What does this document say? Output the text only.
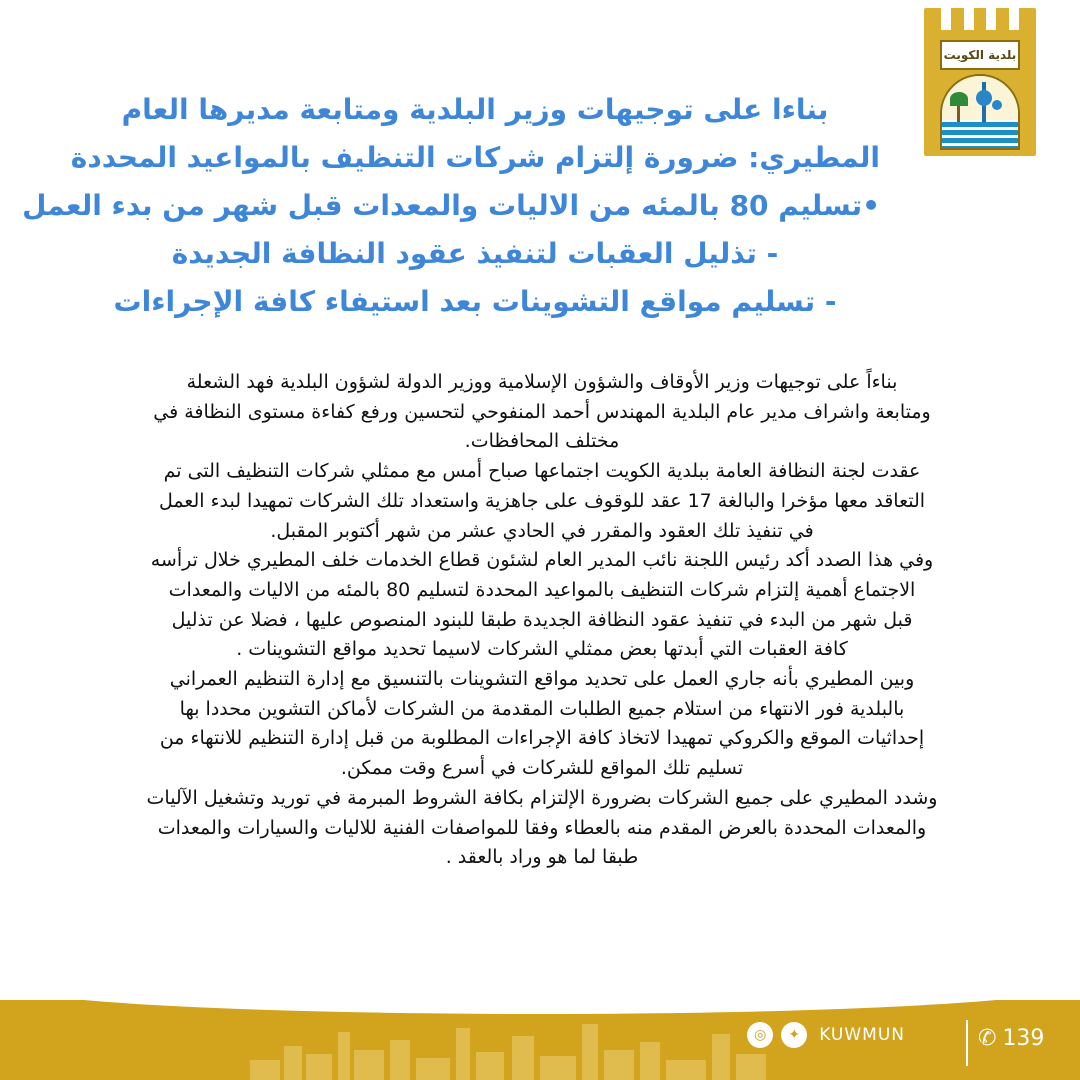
بلدية الكويت
بناءا على توجيهات وزير البلدية ومتابعة مديرها العام
المطيري: ضرورة إلتزام شركات التنظيف بالمواعيد المحددة
•تسليم 80 بالمئه من الاليات والمعدات قبل شهر من بدء العمل
- تذليل العقبات لتنفيذ عقود النظافة الجديدة
- تسليم مواقع التشوينات بعد استيفاء كافة الإجراءات
بناءاً على توجيهات وزير الأوقاف والشؤون الإسلامية ووزير الدولة لشؤون البلدية فهد الشعلة
ومتابعة واشراف مدير عام البلدية المهندس أحمد المنفوحي لتحسين ورفع كفاءة مستوى النظافة في
مختلف المحافظات.
عقدت لجنة النظافة العامة ببلدية الكويت اجتماعها صباح أمس مع ممثلي شركات التنظيف التى تم
التعاقد معها مؤخرا والبالغة 17 عقد للوقوف على جاهزية واستعداد تلك الشركات تمهيدا لبدء العمل
في تنفيذ تلك العقود والمقرر في الحادي عشر من شهر أكتوبر المقبل.
وفي هذا الصدد أكد رئيس اللجنة نائب المدير العام لشئون قطاع الخدمات خلف المطيري خلال ترأسه
الاجتماع أهمية إلتزام شركات التنظيف بالمواعيد المحددة لتسليم 80 بالمئه من الاليات والمعدات
قبل شهر من البدء في تنفيذ عقود النظافة الجديدة طبقا للبنود المنصوص عليها ، فضلا عن تذليل
كافة العقبات التي أبدتها بعض ممثلي الشركات لاسيما تحديد مواقع التشوينات .
وبين المطيري بأنه جاري العمل على تحديد مواقع التشوينات بالتنسيق مع إدارة التنظيم العمراني
بالبلدية فور الانتهاء من استلام جميع الطلبات المقدمة من الشركات لأماكن التشوين محددا بها
إحداثيات الموقع والكروكي تمهيدا لاتخاذ كافة الإجراءات المطلوبة من قبل إدارة التنظيم للانتهاء من
تسليم تلك المواقع للشركات في أسرع وقت ممكن.
وشدد المطيري على جميع الشركات بضرورة الإلتزام بكافة الشروط المبرمة في توريد وتشغيل الآليات
والمعدات المحددة بالعرض المقدم منه بالعطاء وفقا للمواصفات الفنية للاليات والسيارات والمعدات
طبقا لما هو وراد بالعقد .
◎	✦	KUWMUN	✆ 139
